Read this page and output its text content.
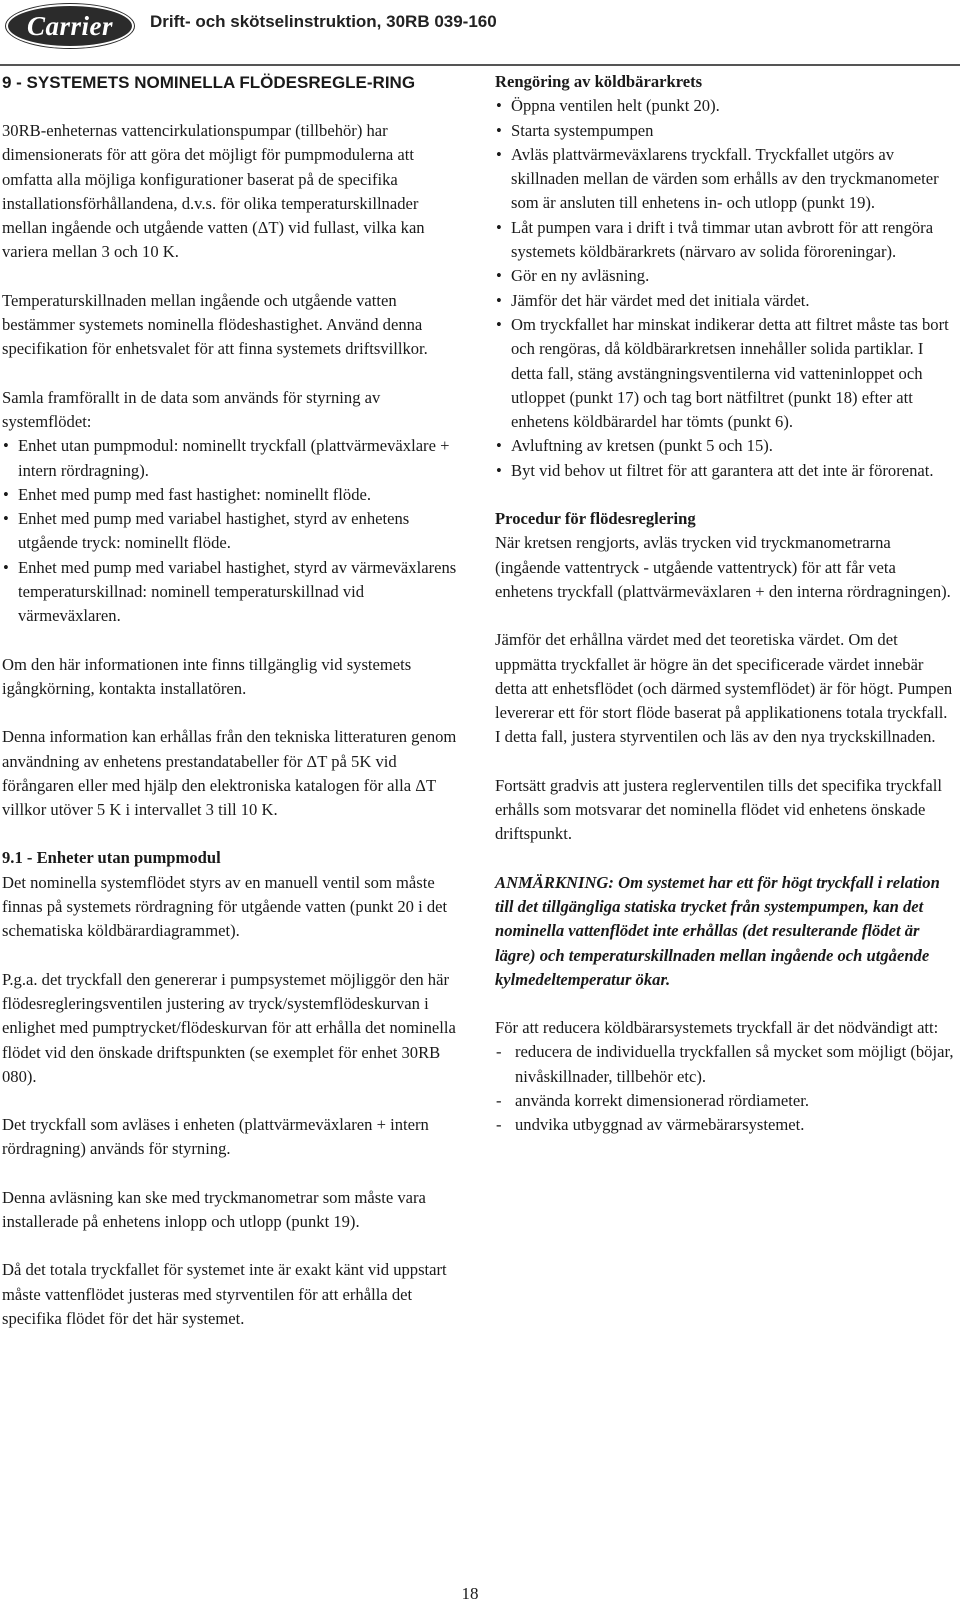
Carrier Drift- och skötselinstruktion, 30RB 039-160
9 - SYSTEMETS NOMINELLA FLÖDESREGLE-RING

30RB-enheternas vattencirkulationspumpar (tillbehör) har dimensionerats för att göra det möjligt för pumpmodulerna att omfatta alla möjliga konfigurationer baserat på de specifika installationsförhållandena, d.v.s. för olika temperaturskillnader mellan ingående och utgående vatten (ΔT) vid fullast, vilka kan variera mellan 3 och 10 K.

Temperaturskillnaden mellan ingående och utgående vatten bestämmer systemets nominella flödeshastighet. Använd denna specifikation för enhetsvalet för att finna systemets driftsvillkor.

Samla framförallt in de data som används för styrning av systemflödet:

• Enhet utan pumpmodul: nominellt tryckfall (plattvärmeväxlare + intern rördragning).
• Enhet med pump med fast hastighet: nominellt flöde.
• Enhet med pump med variabel hastighet, styrd av enhetens utgående tryck: nominellt flöde.
• Enhet med pump med variabel hastighet, styrd av värmeväxlarens temperaturskillnad: nominell temperaturskillnad vid värmeväxlaren.

Om den här informationen inte finns tillgänglig vid systemets igångkörning, kontakta installatören.

Denna information kan erhållas från den tekniska litteraturen genom användning av enhetens prestandatabeller för ΔT på 5K vid förångaren eller med hjälp den elektroniska katalogen för alla ΔT villkor utöver 5 K i intervallet 3 till 10 K.

9.1 - Enheter utan pumpmodul

Det nominella systemflödet styrs av en manuell ventil som måste finnas på systemets rördragning för utgående vatten (punkt 20 i det schematiska köldbärardiagrammet).

P.g.a. det tryckfall den genererar i pumpsystemet möjliggör den här flödesregleringsventilen justering av tryck/systemflödeskurvan i enlighet med pumptrycket/flödeskurvan för att erhålla det nominella flödet vid den önskade driftspunkten (se exemplet för enhet 30RB 080).

Det tryckfall som avläses i enheten (plattvärmeväxlaren + intern rördragning) används för styrning.

Denna avläsning kan ske med tryckmanometrar som måste vara installerade på enhetens inlopp och utlopp (punkt 19).

Då det totala tryckfallet för systemet inte är exakt känt vid uppstart måste vattenflödet justeras med styrventilen för att erhålla det specifika flödet för det här systemet.

Rengöring av köldbärarkrets
• Öppna ventilen helt (punkt 20).
• Starta systempumpen
• Avläs plattvärmeväxlarens tryckfall. Tryckfallet utgörs av skillnaden mellan de värden som erhålls av den tryckmanometer som är ansluten till enhetens in- och utlopp (punkt 19).
• Låt pumpen vara i drift i två timmar utan avbrott för att rengöra systemets köldbärarkrets (närvaro av solida föroreningar).
• Gör en ny avläsning.
• Jämför det här värdet med det initiala värdet.
• Om tryckfallet har minskat indikerar detta att filtret måste tas bort och rengöras, då köldbärarkretsen innehåller solida partiklar. I detta fall, stäng avstängningsventilerna vid vatteninloppet och utloppet (punkt 17) och tag bort nätfiltret (punkt 18) efter att enhetens köldbärardel har tömts (punkt 6).
• Avluftning av kretsen (punkt 5 och 15).
• Byt vid behov ut filtret för att garantera att det inte är förorenat.
Procedur för flödesreglering

När kretsen rengjorts, avläs trycken vid tryckmanometrarna (ingående vattentryck - utgående vattentryck) för att får veta enhetens tryckfall (plattvärmeväxlaren + den interna rördragningen).

Jämför det erhållna värdet med det teoretiska värdet. Om det uppmätta tryckfallet är högre än det specificerade värdet innebär detta att enhetsflödet (och därmed systemflödet) är för högt. Pumpen levererar ett för stort flöde baserat på applikationens totala tryckfall. I detta fall, justera styrventilen och läs av den nya tryckskillnaden.

Fortsätt gradvis att justera reglerventilen tills det specifika tryckfall erhålls som motsvarar det nominella flödet vid enhetens önskade driftspunkt.

ANMÄRKNING: Om systemet har ett för högt tryckfall i relation till det tillgängliga statiska trycket från systempumpen, kan det nominella vattenflödet inte erhållas (det resulterande flödet är lägre) och temperaturskillnaden mellan ingående och utgående kylmedeltemperatur ökar.

För att reducera köldbärarsystemets tryckfall är det nödvändigt att:

- reducera de individuella tryckfallen så mycket som möjligt (böjar, nivåskillnader, tillbehör etc).
- använda korrekt dimensionerad rördiameter.
- undvika utbyggnad av värmebärarsystemet.
18
